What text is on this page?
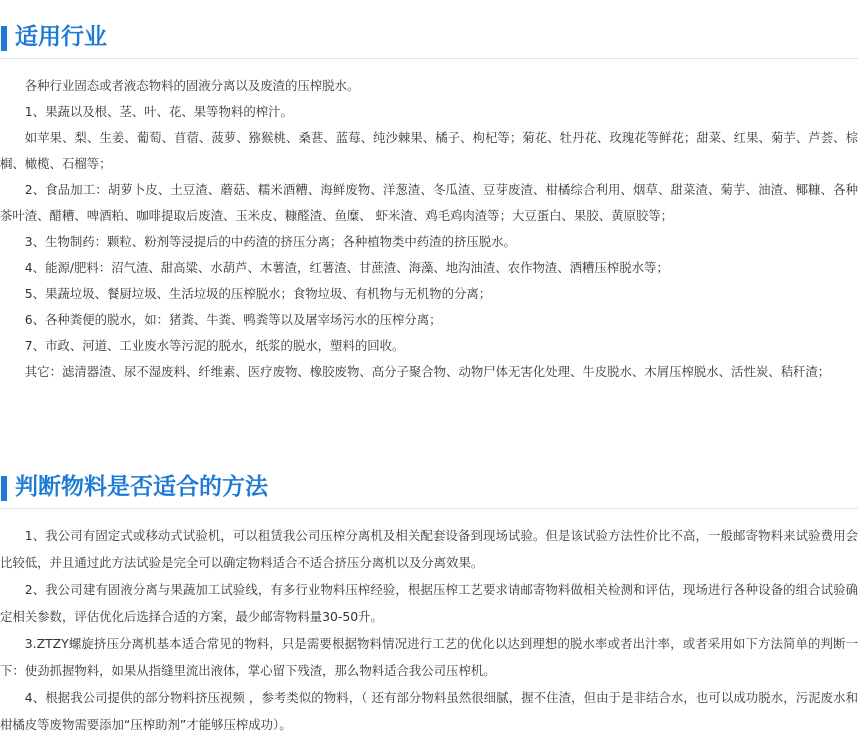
适用行业

各种行业固态或者液态物料的固液分离以及废渣的压榨脱水。

1、果蔬以及根、茎、叶、花、果等物料的榨汁。

如苹果、梨、生姜、葡萄、苜蓿、菠萝、猕猴桃、桑葚、蓝莓、纯沙棘果、橘子、枸杞等；菊花、牡丹花、玫瑰花等鲜花；甜菜、红果、菊芋、芦荟、棕榈、橄榄、石榴等；

2、食品加工：胡萝卜皮、土豆渣、蘑菇、糯米酒糟、海鲜废物、洋葱渣、冬瓜渣、豆芽废渣、柑橘综合利用、烟草、甜菜渣、菊芋、油渣、椰糠、各种茶叶渣、醋糟、啤酒粕、咖啡提取后废渣、玉米皮、糠醛渣、鱼糜、 虾米渣、鸡毛鸡肉渣等；大豆蛋白、果胶、黄原胶等；

3、生物制药：颗粒、粉剂等浸提后的中药渣的挤压分离；各种植物类中药渣的挤压脱水。

4、能源/肥料：沼气渣、甜高粱、水葫芦、木薯渣，红薯渣、甘蔗渣、海藻、地沟油渣、农作物渣、酒糟压榨脱水等；

5、果蔬垃圾、餐厨垃圾、生活垃圾的压榨脱水；食物垃圾、有机物与无机物的分离；

6、各种粪便的脱水，如：猪粪、牛粪、鸭粪等以及屠宰场污水的压榨分离；

7、市政、河道、工业废水等污泥的脱水，纸浆的脱水，塑料的回收。

其它：滤清器渣、尿不湿废料、纤维素、医疗废物、橡胶废物、高分子聚合物、动物尸体无害化处理、牛皮脱水、木屑压榨脱水、活性炭、秸秆渣；

判断物料是否适合的方法

1、我公司有固定式或移动式试验机，可以租赁我公司压榨分离机及相关配套设备到现场试验。但是该试验方法性价比不高，一般邮寄物料来试验费用会比较低，并且通过此方法试验是完全可以确定物料适合不适合挤压分离机以及分离效果。

2、我公司建有固液分离与果蔬加工试验线，有多行业物料压榨经验，根据压榨工艺要求请邮寄物料做相关检测和评估，现场进行各种设备的组合试验确定相关参数，评估优化后选择合适的方案，最少邮寄物料量30-50升。

3.ZTZY螺旋挤压分离机基本适合常见的物料，只是需要根据物料情况进行工艺的优化以达到理想的脱水率或者出汁率，或者采用如下方法简单的判断一下：使劲抓握物料，如果从指缝里流出液体，掌心留下残渣，那么物料适合我公司压榨机。

4、根据我公司提供的部分物料挤压视频 ，参考类似的物料，（ 还有部分物料虽然很细腻，握不住渣，但由于是非结合水，也可以成功脱水，污泥废水和柑橘皮等废物需要添加“压榨助剂”才能够压榨成功）。
